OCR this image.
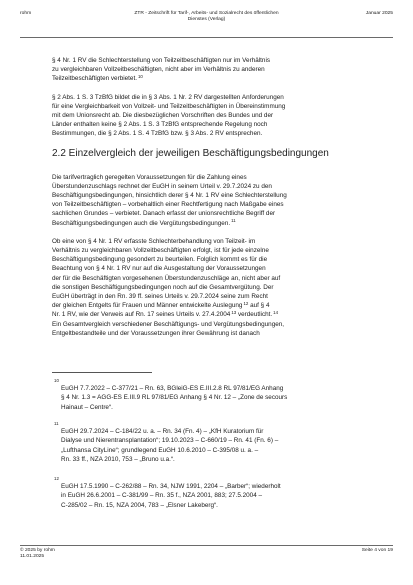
rohm	ZTR - Zeitschrift für Tarif-, Arbeits- und Sozialrecht des öffentlichen
Dienstes (Verlag)
Januar 2025

§ 4 Nr. 1 RV die Schlechterstellung von Teilzeitbeschäftigten nur im Verhältnis
zu vergleichbaren Vollzeitbeschäftigten, nicht aber im Verhältnis zu anderen
Teilzeitbeschäftigten verbietet.$^{10}$

§ 2 Abs. 1 S. 3 TzBfG bildet die in § 3 Abs. 1 Nr. 2 RV dargestellten Anforderungen
für eine Vergleichbarkeit von Vollzeit- und Teilzeitbeschäftigten in Übereinstimmung
mit dem Unionsrecht ab. Die diesbezüglichen Vorschriften des Bundes und der
Länder enthalten keine § 2 Abs. 1 S. 3 TzBfG entsprechende Regelung noch
Bestimmungen, die § 2 Abs. 1 S. 4 TzBfG bzw. § 3 Abs. 2 RV entsprechen.

2.2 Einzelvergleich der jeweiligen Beschäftigungsbedingungen

Die tarifvertraglich geregelten Voraussetzungen für die Zahlung eines
Überstundenzuschlags rechnet der EuGH in seinem Urteil v. 29.7.2024 zu den
Beschäftigungsbedingungen, hinsichtlich derer § 4 Nr. 1 RV eine Schlechterstellung
von Teilzeitbeschäftigten – vorbehaltlich einer Rechtfertigung nach Maßgabe eines
sachlichen Grundes – verbietet. Danach erfasst der unionsrechtliche Begriff der
Beschäftigungsbedingungen auch die Vergütungsbedingungen.$^{11}$

Ob eine von § 4 Nr. 1 RV erfasste Schlechterbehandlung von Teilzeit- im
Verhältnis zu vergleichbaren Vollzeitbeschäftigten erfolgt, ist für jede einzelne
Beschäftigungsbedingung gesondert zu beurteilen. Folglich kommt es für die
Beachtung von § 4 Nr. 1 RV nur auf die Ausgestaltung der Voraussetzungen
der für die Beschäftigten vorgesehenen Überstundenzuschläge an, nicht aber auf
die sonstigen Beschäftigungsbedingungen noch auf die Gesamtvergütung. Der
EuGH überträgt in den Rn. 39 ff. seines Urteils v. 29.7.2024 seine zum Recht
der gleichen Entgelts für Frauen und Männer entwickelte Auslegung$^{12}$ auf § 4
Nr. 1 RV, wie der Verweis auf Rn. 17 seines Urteils v. 27.4.2004$^{13}$ verdeutlicht.$^{14}$
Ein Gesamtvergleich verschiedener Beschäftigungs- und Vergütungsbedingungen,
Entgeltbestandteile und der Voraussetzungen ihrer Gewährung ist danach

10
EuGH 7.7.2022 – C-377/21 – Rn. 63, BGleiG-ES E.III.2.8 RL 97/81/EG Anhang
§ 4 Nr. 1.3 = AGG-ES E.III.9 RL 97/81/EG Anhang § 4 Nr. 12 – „Zone de secours
Hainaut – Centre“.
11
EuGH 29.7.2024 – C-184/22 u. a. – Rn. 34 (Fn. 4) – „KfH Kuratorium für
Dialyse und Nierentransplantation“; 19.10.2023 – C-660/19 – Rn. 41 (Fn. 6) –
„Lufthansa CityLine“; grundlegend EuGH 10.6.2010 – C-395/08 u. a. –
Rn. 33 ff., NZA 2010, 753 – „Bruno u.a.“.
12
EuGH 17.5.1990 – C-262/88 – Rn. 34, NJW 1991, 2204 – „Barber“; wiederholt
in EuGH 26.6.2001 – C-381/99 – Rn. 35 f., NZA 2001, 883; 27.5.2004 –
C-285/02 – Rn. 15, NZA 2004, 783 – „Elsner Lakeberg“.
© 2025 by rohm
11.01.2025
Seite 4 von 19
